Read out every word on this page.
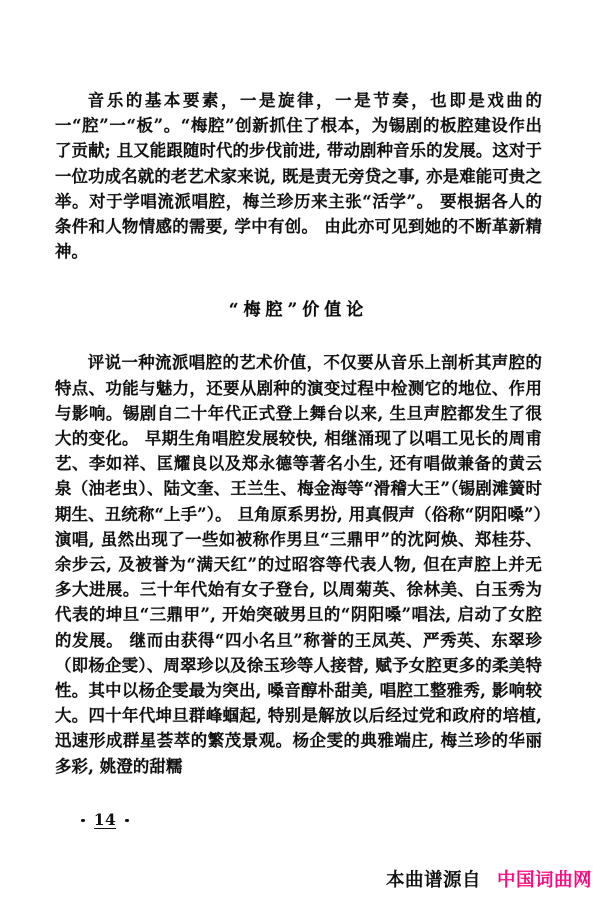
音乐的基本要素，一是旋律，一是节奏，也即是戏曲的一“腔”一“板”。“梅腔”创新抓住了根本，为锡剧的板腔建设作出了贡献; 且又能跟随时代的步伐前进, 带动剧种音乐的发展。这对于一位功成名就的老艺术家来说, 既是责无旁贷之事, 亦是难能可贵之举。对于学唱流派唱腔，梅兰珍历来主张“活学”。 要根据各人的条件和人物情感的需要, 学中有创。 由此亦可见到她的不断革新精神。

“梅腔”价值论

评说一种流派唱腔的艺术价值，不仅要从音乐上剖析其声腔的特点、功能与魅力，还要从剧种的演变过程中检测它的地位、作用与影响。锡剧自二十年代正式登上舞台以来, 生旦声腔都发生了很大的变化。 早期生角唱腔发展较快, 相继涌现了以唱工见长的周甫艺、李如祥、匡耀良以及郑永德等著名小生, 还有唱做兼备的黄云泉（油老虫）、陆文奎、王兰生、梅金海等“滑稽大王”（锡剧滩簧时期生、丑统称“上手”）。 旦角原系男扮, 用真假声（俗称“阴阳嗓”）演唱, 虽然出现了一些如被称作男旦“三鼎甲”的沈阿焕、郑桂芬、余步云, 及被誉为“满天红”的过昭容等代表人物, 但在声腔上并无多大进展。三十年代始有女子登台, 以周菊英、徐林美、白玉秀为代表的坤旦“三鼎甲”, 开始突破男旦的“阴阳嗓”唱法, 启动了女腔的发展。 继而由获得“四小名旦”称誉的王凤英、严秀英、东翠珍（即杨企雯）、周翠珍以及徐玉珍等人接替, 赋予女腔更多的柔美特性。其中以杨企雯最为突出, 嗓音醇朴甜美, 唱腔工整雅秀, 影响较大。四十年代坤旦群峰蝈起, 特别是解放以后经过党和政府的培植, 迅速形成群星荟萃的繁茂景观。杨企雯的典雅端庄, 梅兰珍的华丽多彩, 姚澄的甜糯

14
本曲谱源自 中国词曲网
